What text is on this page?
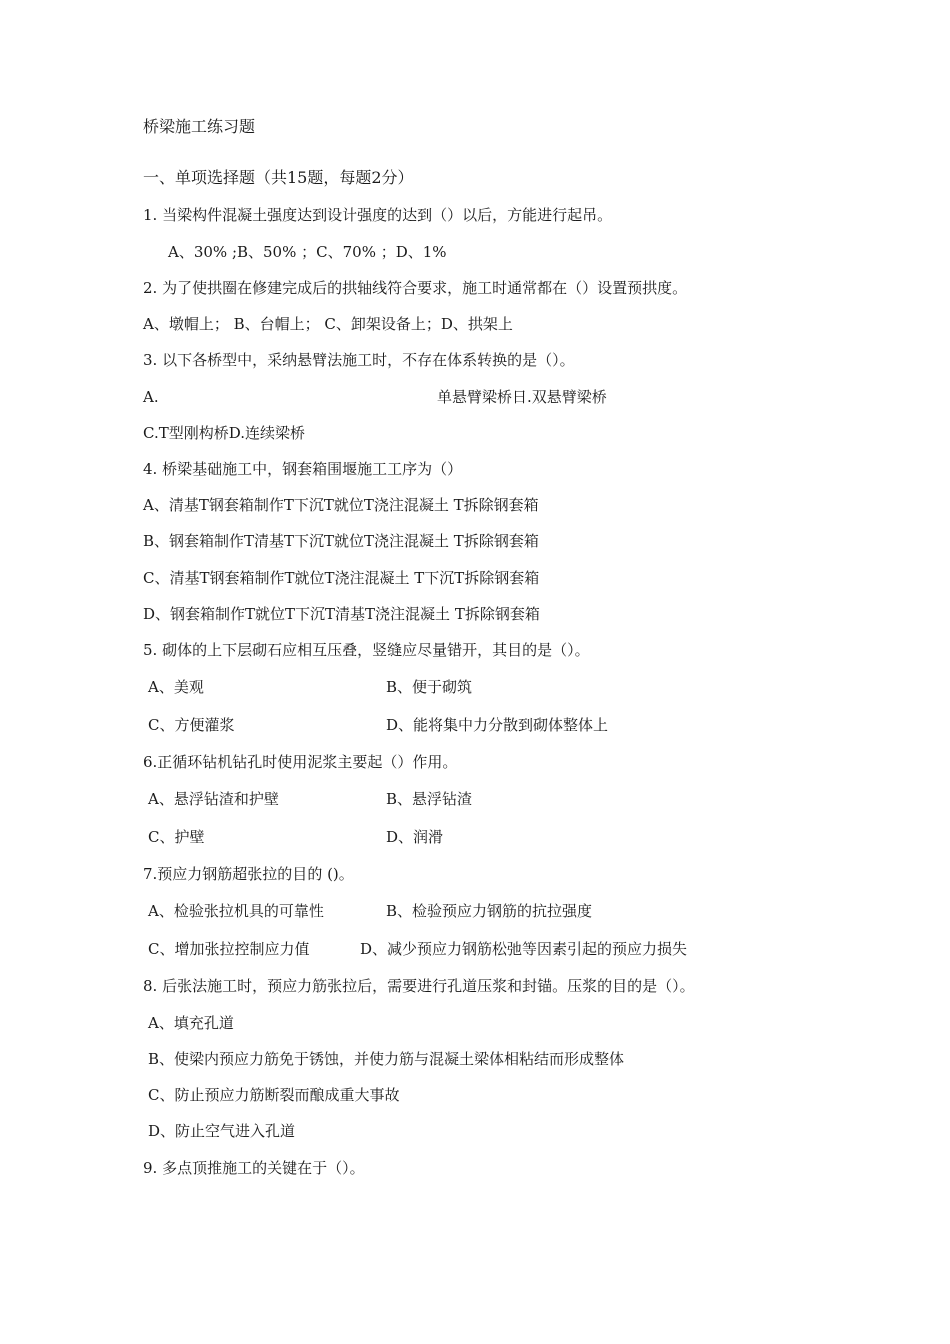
桥梁施工练习题
一、单项选择题（共15题，每题2分）
1. 当梁构件混凝土强度达到设计强度的达到（）以后，方能进行起吊。
A、30% ;B、50% ；C、70% ；D、1%
2. 为了使拱圈在修建完成后的拱轴线符合要求，施工时通常都在（）设置预拱度。
A、墩帽上； B、台帽上； C、卸架设备上；D、拱架上
3. 以下各桥型中，采纳悬臂法施工时，不存在体系转换的是（）。
A.	单悬臂梁桥日.双悬臂梁桥
C.T型刚构桥D.连续梁桥
4. 桥梁基础施工中，钢套箱围堰施工工序为（）
A、清基T钢套箱制作T下沉T就位T浇注混凝土 T拆除钢套箱
B、钢套箱制作T清基T下沉T就位T浇注混凝土 T拆除钢套箱
C、清基T钢套箱制作T就位T浇注混凝土 T下沉T拆除钢套箱
D、钢套箱制作T就位T下沉T清基T浇注混凝土 T拆除钢套箱
5. 砌体的上下层砌石应相互压叠，竖缝应尽量错开，其目的是（）。
A、美观	B、便于砌筑
C、方便灌浆	D、能将集中力分散到砌体整体上
6.正循环钻机钻孔时使用泥浆主要起（）作用。
A、悬浮钻渣和护壁	B、悬浮钻渣
C、护壁	D、润滑
7.预应力钢筋超张拉的目的 ()。
A、检验张拉机具的可靠性	B、检验预应力钢筋的抗拉强度
C、增加张拉控制应力值	D、减少预应力钢筋松弛等因素引起的预应力损失
8. 后张法施工时，预应力筋张拉后，需要进行孔道压浆和封锚。压浆的目的是（）。
A、填充孔道
B、使梁内预应力筋免于锈蚀，并使力筋与混凝土梁体相粘结而形成整体
C、防止预应力筋断裂而酿成重大事故
D、防止空气进入孔道
9. 多点顶推施工的关键在于（）。
